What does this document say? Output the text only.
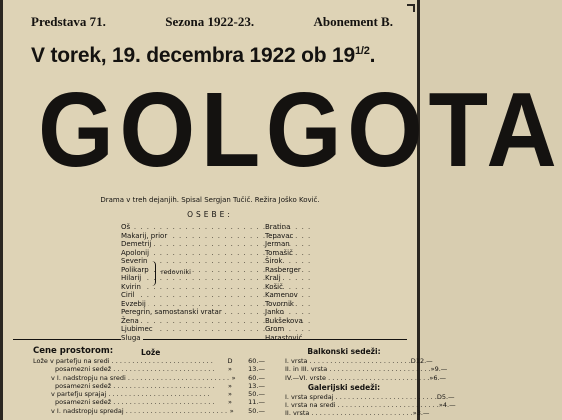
Predstava 71.	Sezona 1922-23.	Abonement B.
V torek, 19. decembra 1922 ob $19^{1/2}$.
GOLGOTA
Drama v treh dejanjih. Spisal Sergjan Tučič. Režira Joško Kovič.
OSEBE:
redovniki
Oš . . .	Bratina
Makarij, prior . . .	Tepavac
Demetrij . . .	Jerman
Apolonij . . .	Tomašič
Severin . . .	Širok
Polikarp . . .	Rasberger
Hilarij . . .	Kralj
Kvirin . . .	Košič
Ciril . . .	Kamenov
Evzebij . . .	Tovornik
Peregrin, samostanski vratar . . .	Janko
Žena . . .	Bukšekova
Ljubimec . . .	Grom
Sluga . . .	Harastović
Cene prostorom:	Lože
Lože v partefju na sredi . . . . . . . . . . . . . . . . . . . . . . . . .	D	60.—
posamezni sedež . . . . . . . . . . . . . . . . . . . . . . . . .	»	13.—
v I. nadstropju na sredi . . . . . . . . . . . . . . . . . . . . . . . . . »	60.—
posamezni sedež . . . . . . . . . . . . . . . . . . . . . . . . .	»	13.—
v partefju sprajaj . . . . . . . . . . . . . . . . . . . . . . . . .	»	50.—
posamezni sedež . . . . . . . . . . . . . . . . . . . . . . . . .	»	11.—
v I. nadstropju spredaj . . . . . . . . . . . . . . . . . . . . . . . . . »	50.—
Balkonski sedeži:
I. vrsta . . . . . . . . . . . . . . . . . . . . . . . . . D 12.—
II. in III. vrsta . . . . . . . . . . . . . . . . . . . . . . . . . » 9.—
IV.—VI. vrste . . . . . . . . . . . . . . . . . . . . . . . . . » 6.—
Galerijski sedeži:
I. vrsta spredaj . . . . . . . . . . . . . . . . . . . . . . . . . D 5.—
I. vrsta na sredi . . . . . . . . . . . . . . . . . . . . . . . . . » 4.—
II. vrsta . . . . . . . . . . . . . . . . . . . . . . . . . » 3.—
